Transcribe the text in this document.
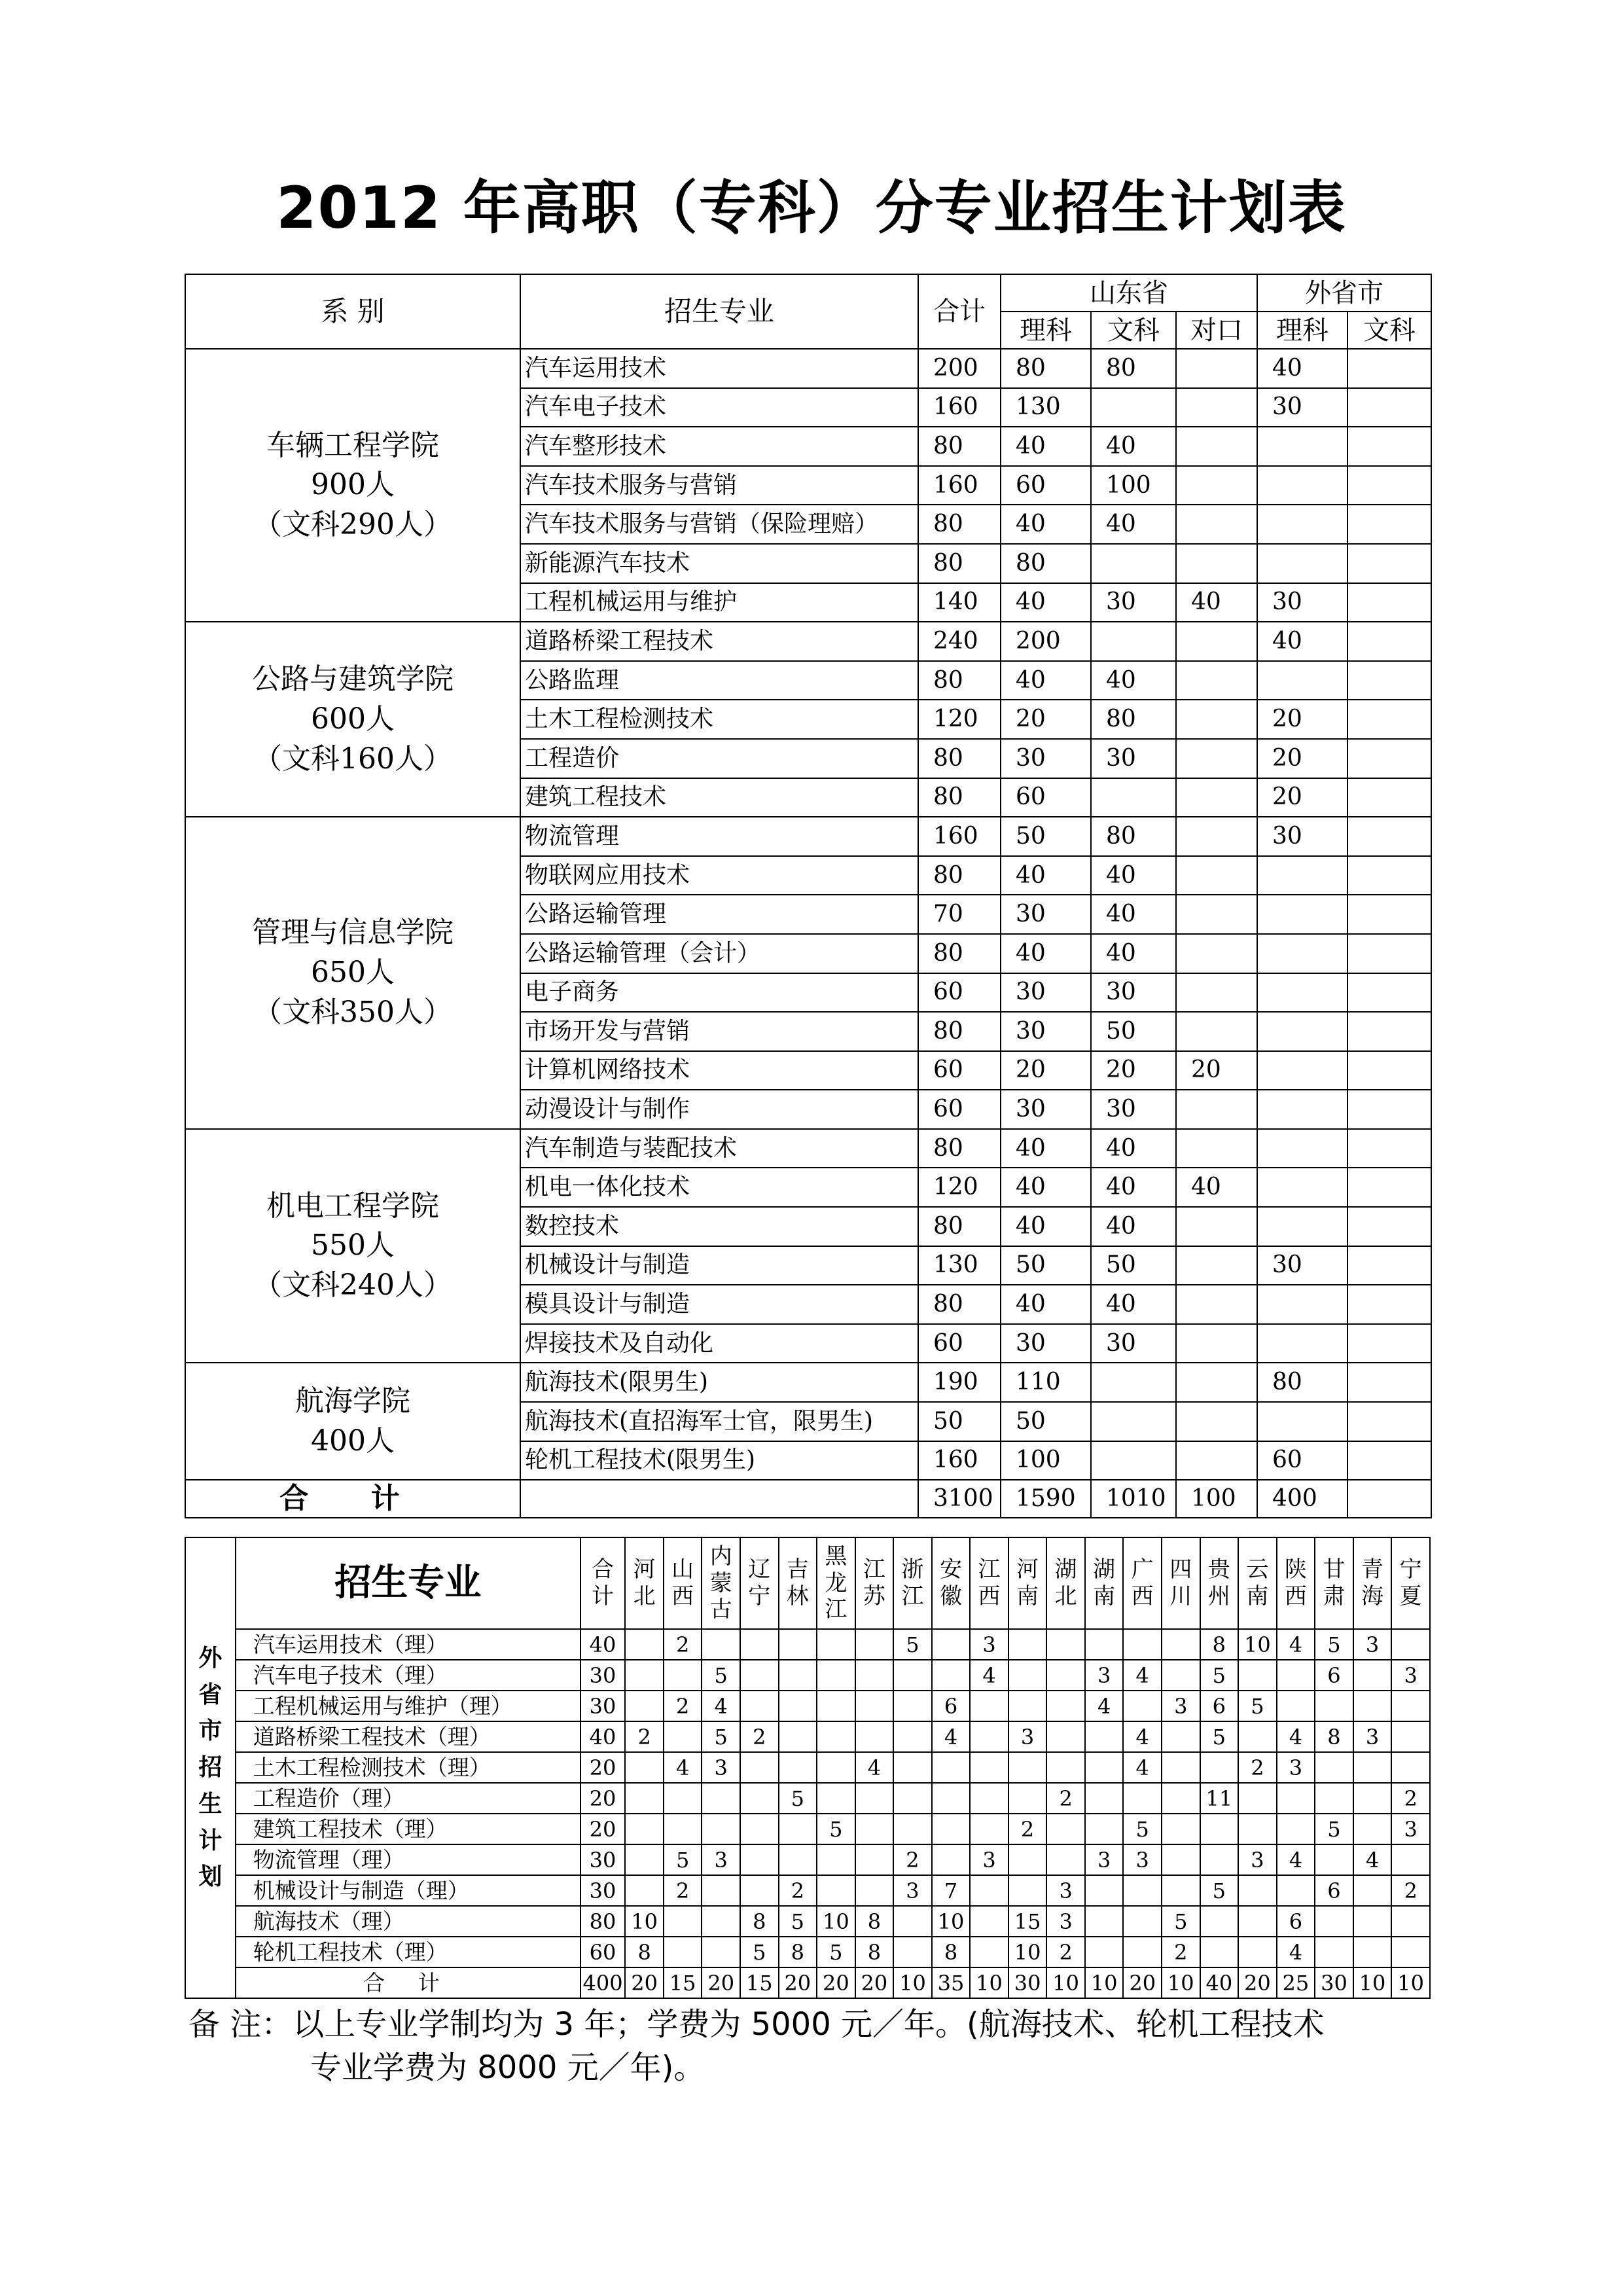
2012 年高职（专科）分专业招生计划表
系 别	招生专业	合计	山东省			外省市	
			理科	文科	对口	理科	文科

车辆工程学院
900人
（文科290人）	汽车运用技术	200	80	80		40	
	汽车电子技术	160	130			30	
	汽车整形技术	80	40	40			
	汽车技术服务与营销	160	60	100			
	汽车技术服务与营销（保险理赔）	80	40	40			
	新能源汽车技术	80	80				
	工程机械运用与维护	140	40	30	40	30	

公路与建筑学院
600人
（文科160人）	道路桥梁工程技术	240	200			40	
	公路监理	80	40	40			
	土木工程检测技术	120	20	80		20	
	工程造价	80	30	30		20	
	建筑工程技术	80	60			20	

管理与信息学院
650人
（文科350人）	物流管理	160	50	80		30	
	物联网应用技术	80	40	40			
	公路运输管理	70	30	40			
	公路运输管理（会计）	80	40	40			
	电子商务	60	30	30			
	市场开发与营销	80	30	50			
	计算机网络技术	60	20	20	20		
	动漫设计与制作	60	30	30			

机电工程学院
550人
（文科240人）	汽车制造与装配技术	80	40	40			
	机电一体化技术	120	40	40	40		
	数控技术	80	40	40			
	机械设计与制造	130	50	50		30	
	模具设计与制造	80	40	40			
	焊接技术及自动化	60	30	30			

航海学院
400人	航海技术(限男生)	190	110			80	
	航海技术(直招海军士官，限男生)	50	50				
	轮机工程技术(限男生)	160	100			60	
合 计		3100	1590	1010	100	400	
外省市招生计划	招生专业	合计	河北	山西	内蒙古	辽宁	吉林	黑龙江	江苏	浙江	安徽	江西	河南	湖北	湖南	广西	四川	贵州	云南	陕西	甘肃	青海	宁夏
	汽车运用技术（理）	40		2						5		3						8	10	4	5	3	
	汽车电子技术（理）	30			5							4			3	4		5			6		3
	工程机械运用与维护（理）	30		2	4						6				4		3	6	5				
	道路桥梁工程技术（理）	40	2		5	2					4		3			4		5		4	8	3	
	土木工程检测技术（理）	20		4	3				4							4			2	3			
	工程造价（理）	20					5							2				11					2
	建筑工程技术（理）	20						5					2			5					5		3
	物流管理（理）	30		5	3					2		3			3	3			3	4		4	
	机械设计与制造（理）	30		2			2			3	7			3				5			6		2
	航海技术（理）	80	10			8	5	10	8		10		15	3			5			6			
	轮机工程技术（理）	60	8			5	8	5	8		8		10	2			2			4			
	合 计	400	20	15	20	15	20	20	20	10	35	10	30	10	10	20	10	40	20	25	30	10	10
备 注：以上专业学制均为 3 年；学费为 5000 元／年。(航海技术、轮机工程技术
专业学费为 8000 元／年)。
